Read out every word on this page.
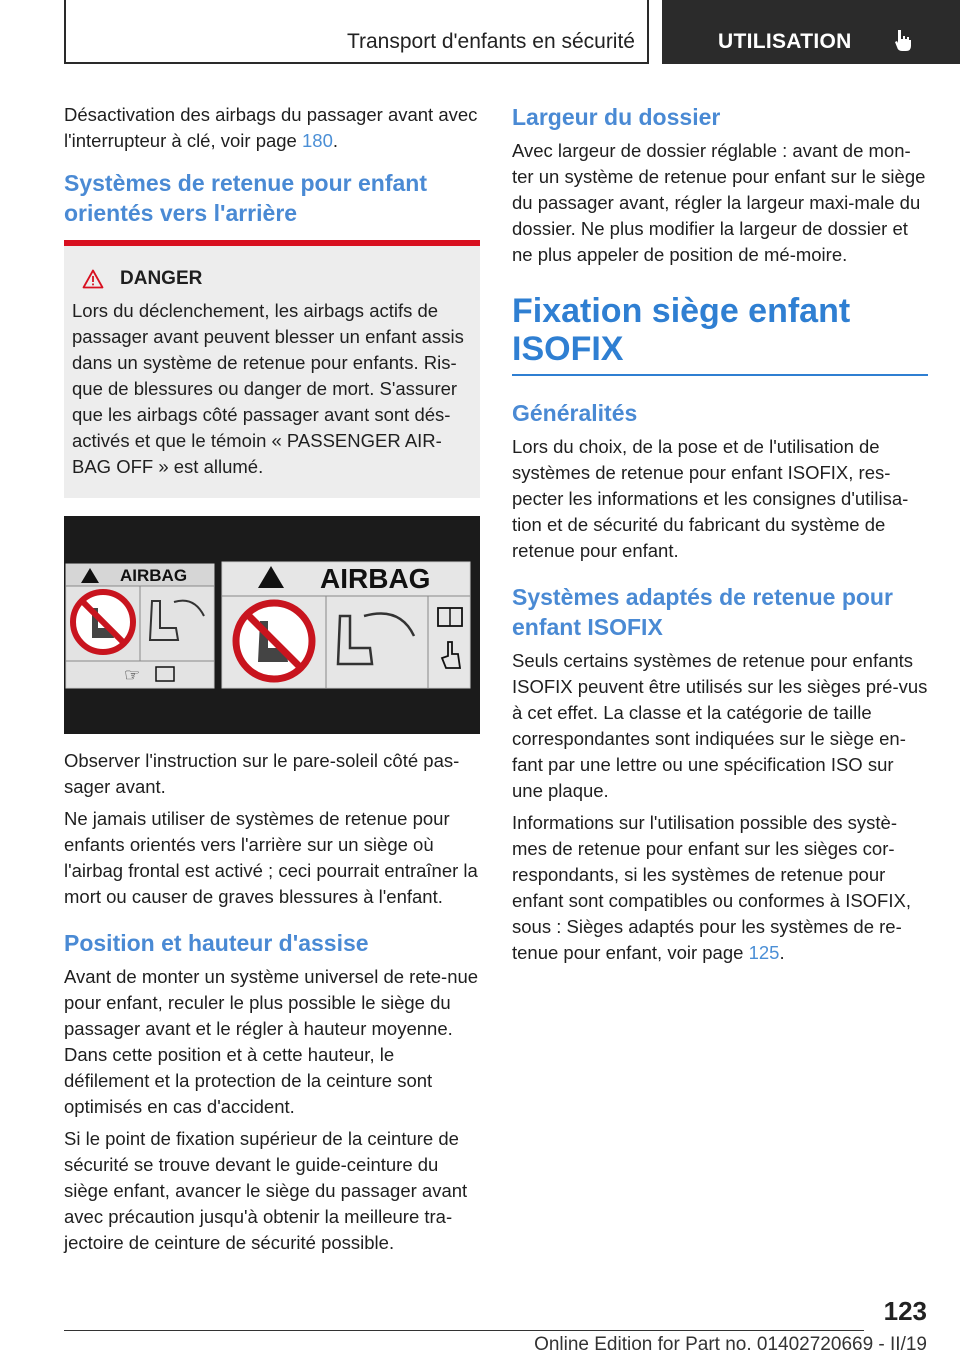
Transport d'enfants en sécurité	UTILISATION

Désactivation des airbags du passager avant avec l'interrupteur à clé, voir page 180.

Systèmes de retenue pour enfant orientés vers l'arrière
DANGER

Lors du déclenchement, les airbags actifs de passager avant peuvent blesser un enfant assis dans un système de retenue pour enfants. Ris-que de blessures ou danger de mort. S'assurer que les airbags côté passager avant sont dés-activés et que le témoin « PASSENGER AIR-BAG OFF » est allumé.

AIRBAG
☞
AIRBAG

Observer l'instruction sur le pare-soleil côté pas-sager avant.

Ne jamais utiliser de systèmes de retenue pour enfants orientés vers l'arrière sur un siège où l'airbag frontal est activé ; ceci pourrait entraîner la mort ou causer de graves blessures à l'enfant.

Position et hauteur d'assise

Avant de monter un système universel de rete-nue pour enfant, reculer le plus possible le siège du passager avant et le régler à hauteur moyenne. Dans cette position et à cette hauteur, le défilement et la protection de la ceinture sont optimisés en cas d'accident.

Si le point de fixation supérieur de la ceinture de sécurité se trouve devant le guide-ceinture du siège enfant, avancer le siège du passager avant avec précaution jusqu'à obtenir la meilleure tra-jectoire de ceinture de sécurité possible.

Largeur du dossier

Avec largeur de dossier réglable : avant de mon-ter un système de retenue pour enfant sur le siège du passager avant, régler la largeur maxi-male du dossier. Ne plus modifier la largeur de dossier et ne plus appeler de position de mé-moire.

Fixation siège enfant ISOFIX
Généralités

Lors du choix, de la pose et de l'utilisation de systèmes de retenue pour enfant ISOFIX, res-pecter les informations et les consignes d'utilisa-tion et de sécurité du fabricant du système de retenue pour enfant.

Systèmes adaptés de retenue pour enfant ISOFIX

Seuls certains systèmes de retenue pour enfants ISOFIX peuvent être utilisés sur les sièges pré-vus à cet effet. La classe et la catégorie de taille correspondantes sont indiquées sur le siège en-fant par une lettre ou une spécification ISO sur une plaque.

Informations sur l'utilisation possible des systè-mes de retenue pour enfant sur les sièges cor-respondants, si les systèmes de retenue pour enfant sont compatibles ou conformes à ISOFIX, sous : Sièges adaptés pour les systèmes de re-tenue pour enfant, voir page 125.

123
Online Edition for Part no. 01402720669 - II/19
